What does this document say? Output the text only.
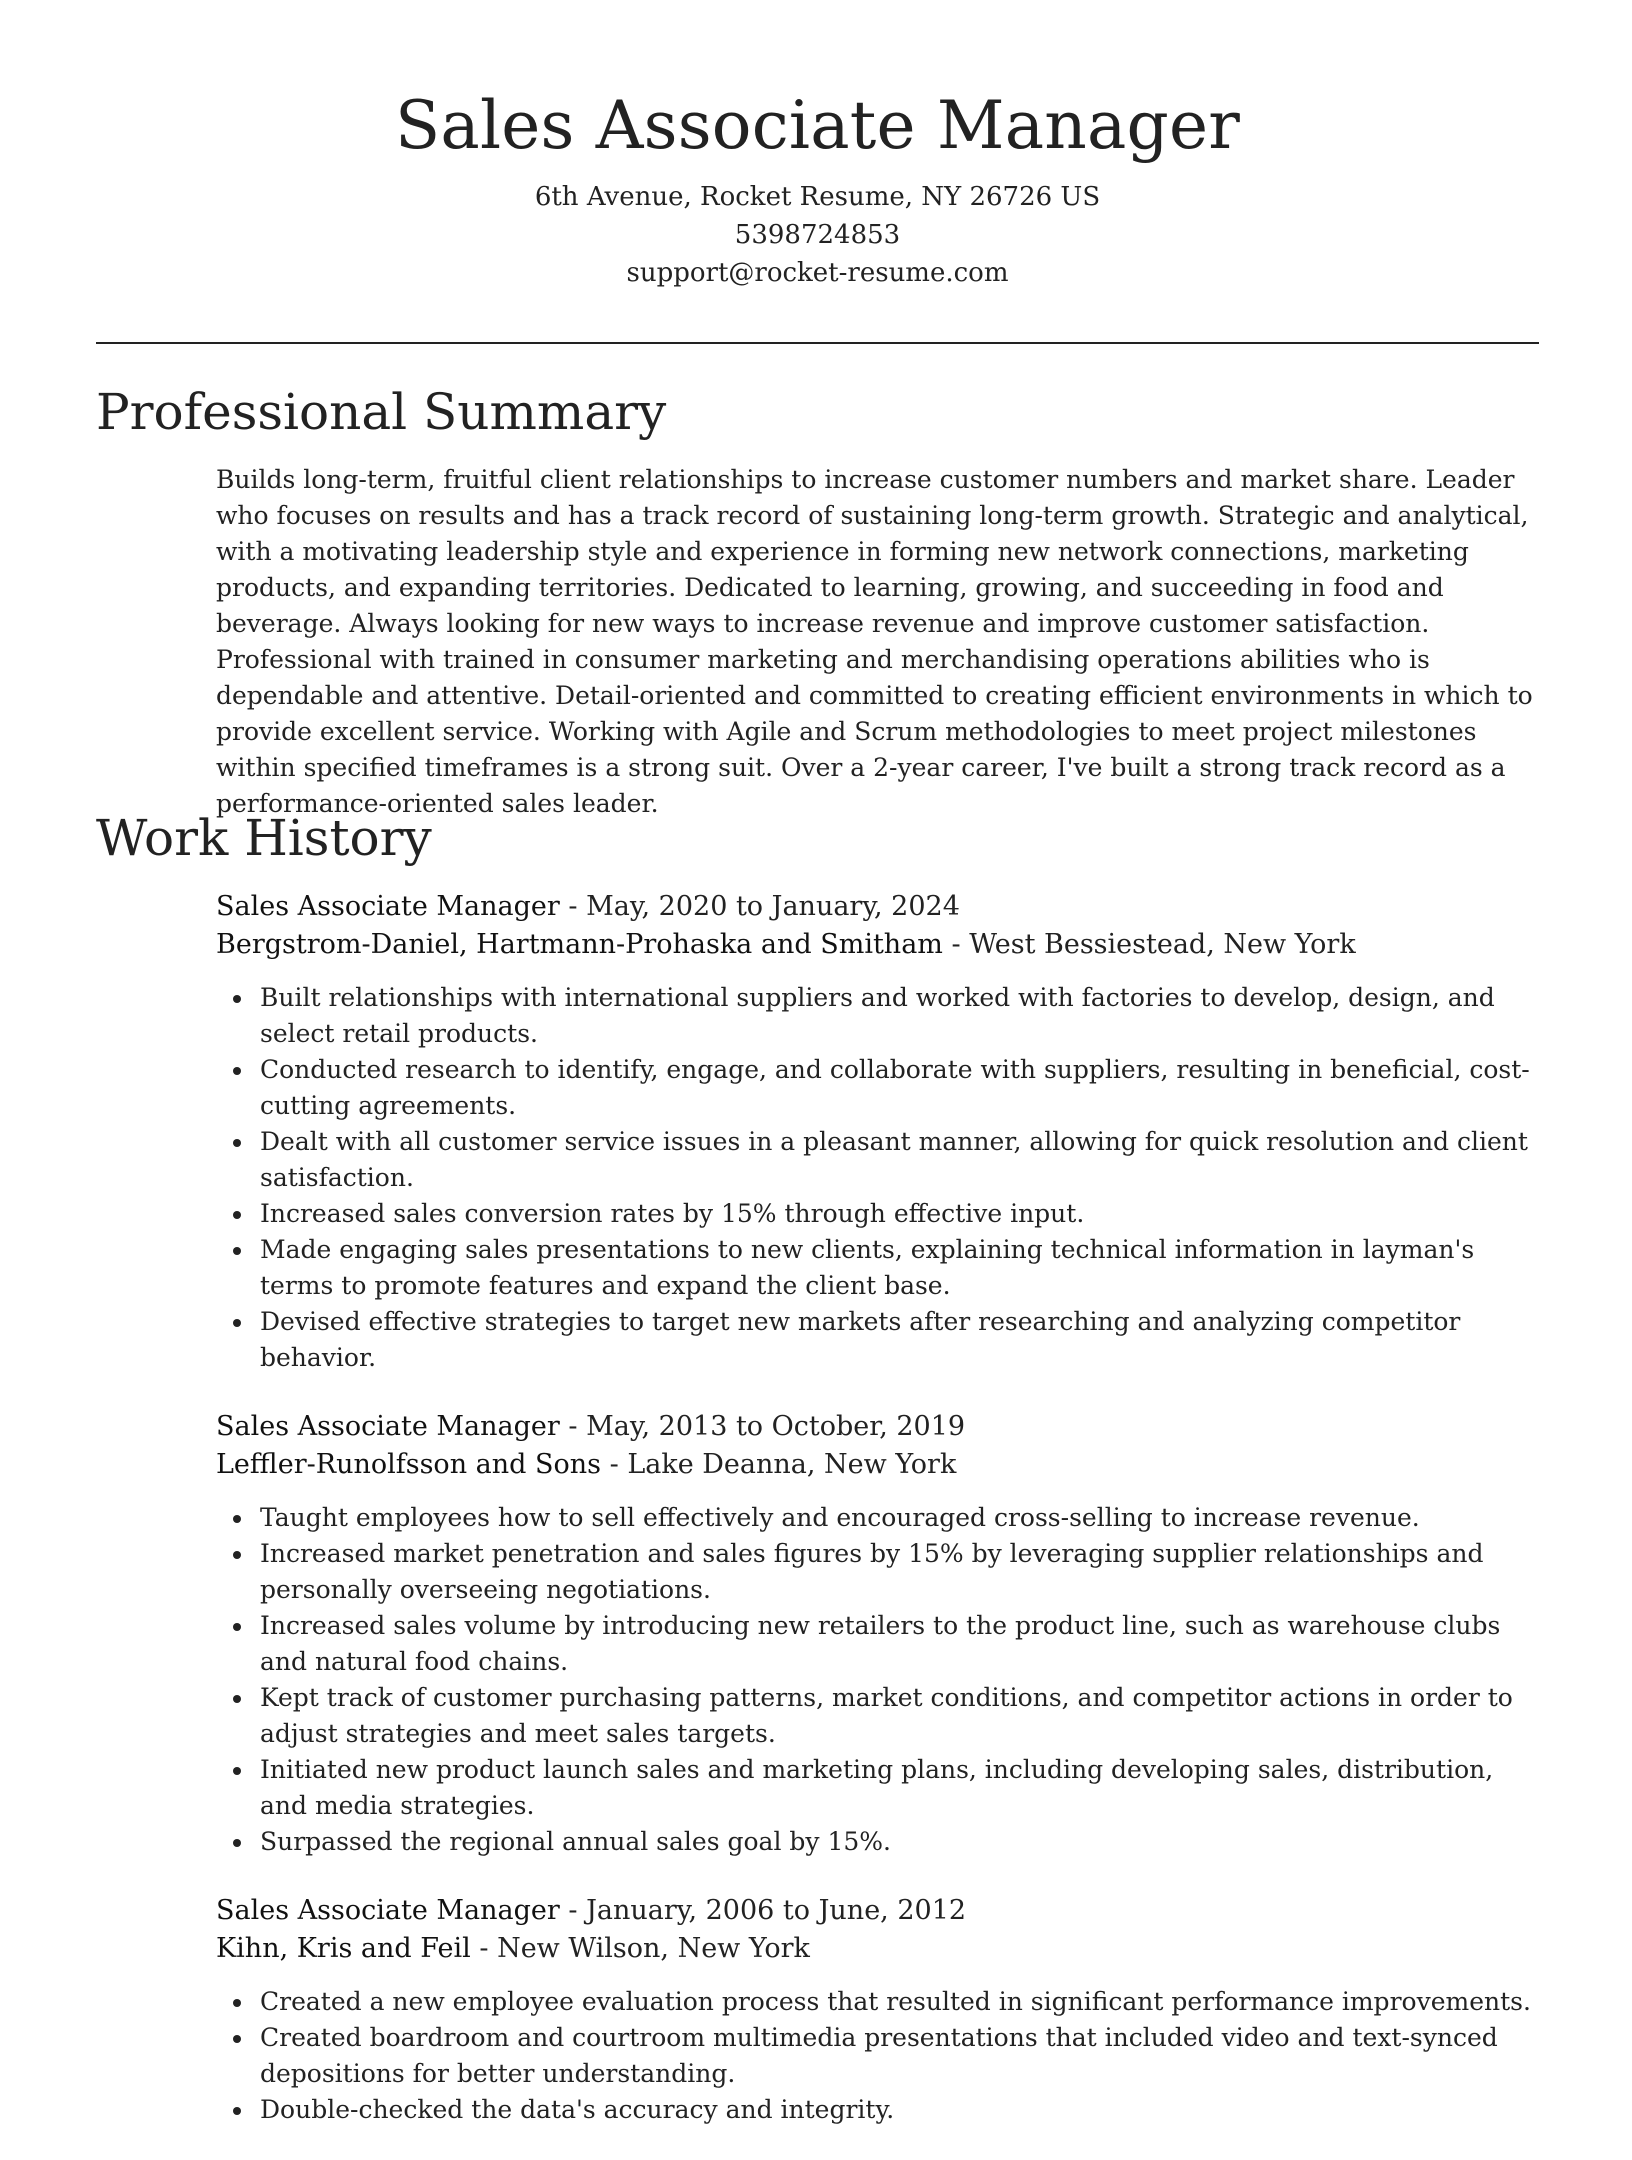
Sales Associate Manager

6th Avenue, Rocket Resume, NY 26726 US

5398724853

support@rocket-resume.com

Professional Summary

Builds long-term, fruitful client relationships to increase customer numbers and market share. Leader who focuses on results and has a track record of sustaining long-term growth. Strategic and analytical, with a motivating leadership style and experience in forming new network connections, marketing products, and expanding territories. Dedicated to learning, growing, and succeeding in food and beverage. Always looking for new ways to increase revenue and improve customer satisfaction. Professional with trained in consumer marketing and merchandising operations abilities who is dependable and attentive. Detail-oriented and committed to creating efficient environments in which to provide excellent service. Working with Agile and Scrum methodologies to meet project milestones within specified timeframes is a strong suit. Over a 2-year career, I've built a strong track record as a performance-oriented sales leader.

Work History

Sales Associate Manager - May, 2020 to January, 2024

Bergstrom-Daniel, Hartmann-Prohaska and Smitham - West Bessiestead, New York

Built relationships with international suppliers and worked with factories to develop, design, and select retail products.
Conducted research to identify, engage, and collaborate with suppliers, resulting in beneficial, cost-cutting agreements.
Dealt with all customer service issues in a pleasant manner, allowing for quick resolution and client satisfaction.
Increased sales conversion rates by 15% through effective input.
Made engaging sales presentations to new clients, explaining technical information in layman's terms to promote features and expand the client base.
Devised effective strategies to target new markets after researching and analyzing competitor behavior.

Sales Associate Manager - May, 2013 to October, 2019

Leffler-Runolfsson and Sons - Lake Deanna, New York

Taught employees how to sell effectively and encouraged cross-selling to increase revenue.
Increased market penetration and sales figures by 15% by leveraging supplier relationships and personally overseeing negotiations.
Increased sales volume by introducing new retailers to the product line, such as warehouse clubs and natural food chains.
Kept track of customer purchasing patterns, market conditions, and competitor actions in order to adjust strategies and meet sales targets.
Initiated new product launch sales and marketing plans, including developing sales, distribution, and media strategies.
Surpassed the regional annual sales goal by 15%.

Sales Associate Manager - January, 2006 to June, 2012

Kihn, Kris and Feil - New Wilson, New York

Created a new employee evaluation process that resulted in significant performance improvements.
Created boardroom and courtroom multimedia presentations that included video and text-synced depositions for better understanding.
Double-checked the data's accuracy and integrity.
